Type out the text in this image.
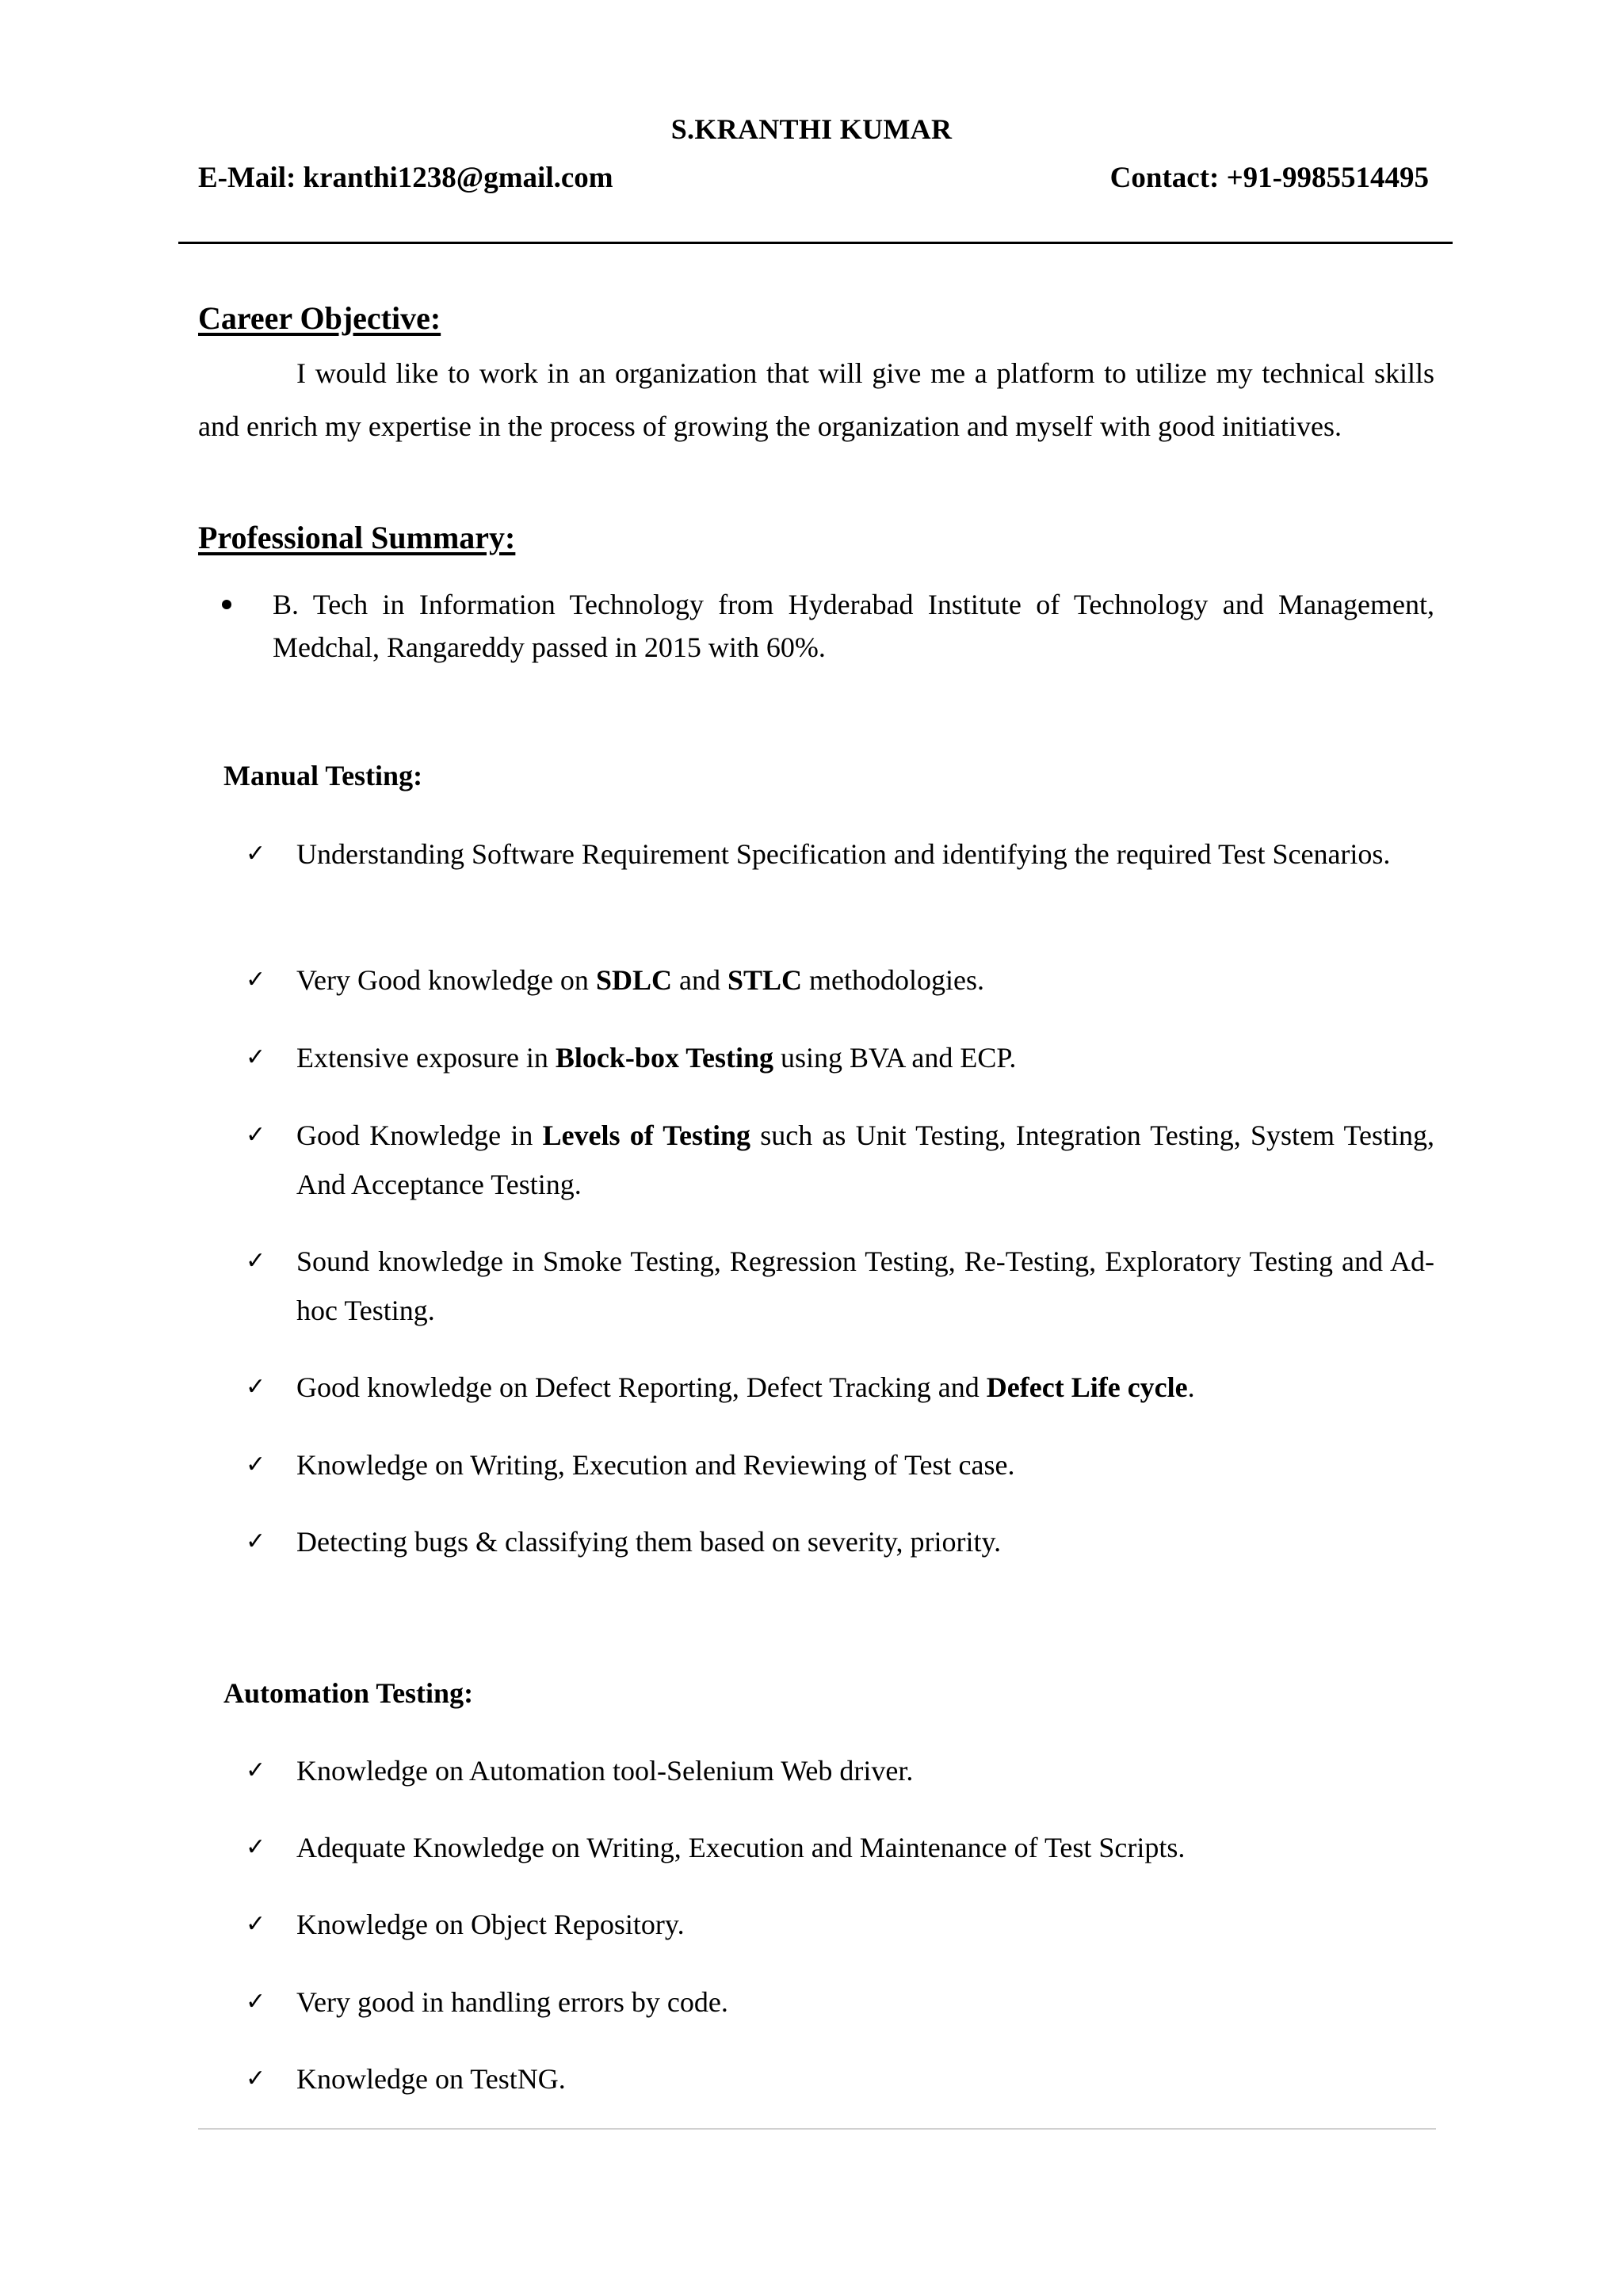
S.KRANTHI KUMAR
E-Mail: kranthi1238@gmail.com	Contact: +91-9985514495
Career Objective:

I would like to work in an organization that will give me a platform to utilize my technical skills and enrich my expertise in the process of growing the organization and myself with good initiatives.

Professional Summary:
B. Tech in Information Technology from Hyderabad Institute of Technology and Management, Medchal, Rangareddy passed in 2015 with 60%.
Manual Testing:
✓ Understanding Software Requirement Specification and identifying the required Test Scenarios.
✓ Very Good knowledge on SDLC and STLC methodologies.
✓ Extensive exposure in Block-box Testing using BVA and ECP.
✓ Good Knowledge in Levels of Testing such as Unit Testing, Integration Testing, System Testing, And Acceptance Testing.
✓ Sound knowledge in Smoke Testing, Regression Testing, Re-Testing, Exploratory Testing and Ad-hoc Testing.
✓ Good knowledge on Defect Reporting, Defect Tracking and Defect Life cycle.
✓ Knowledge on Writing, Execution and Reviewing of Test case.
✓ Detecting bugs & classifying them based on severity, priority.
Automation Testing:
✓ Knowledge on Automation tool-Selenium Web driver.
✓ Adequate Knowledge on Writing, Execution and Maintenance of Test Scripts.
✓ Knowledge on Object Repository.
✓ Very good in handling errors by code.
✓ Knowledge on TestNG.
